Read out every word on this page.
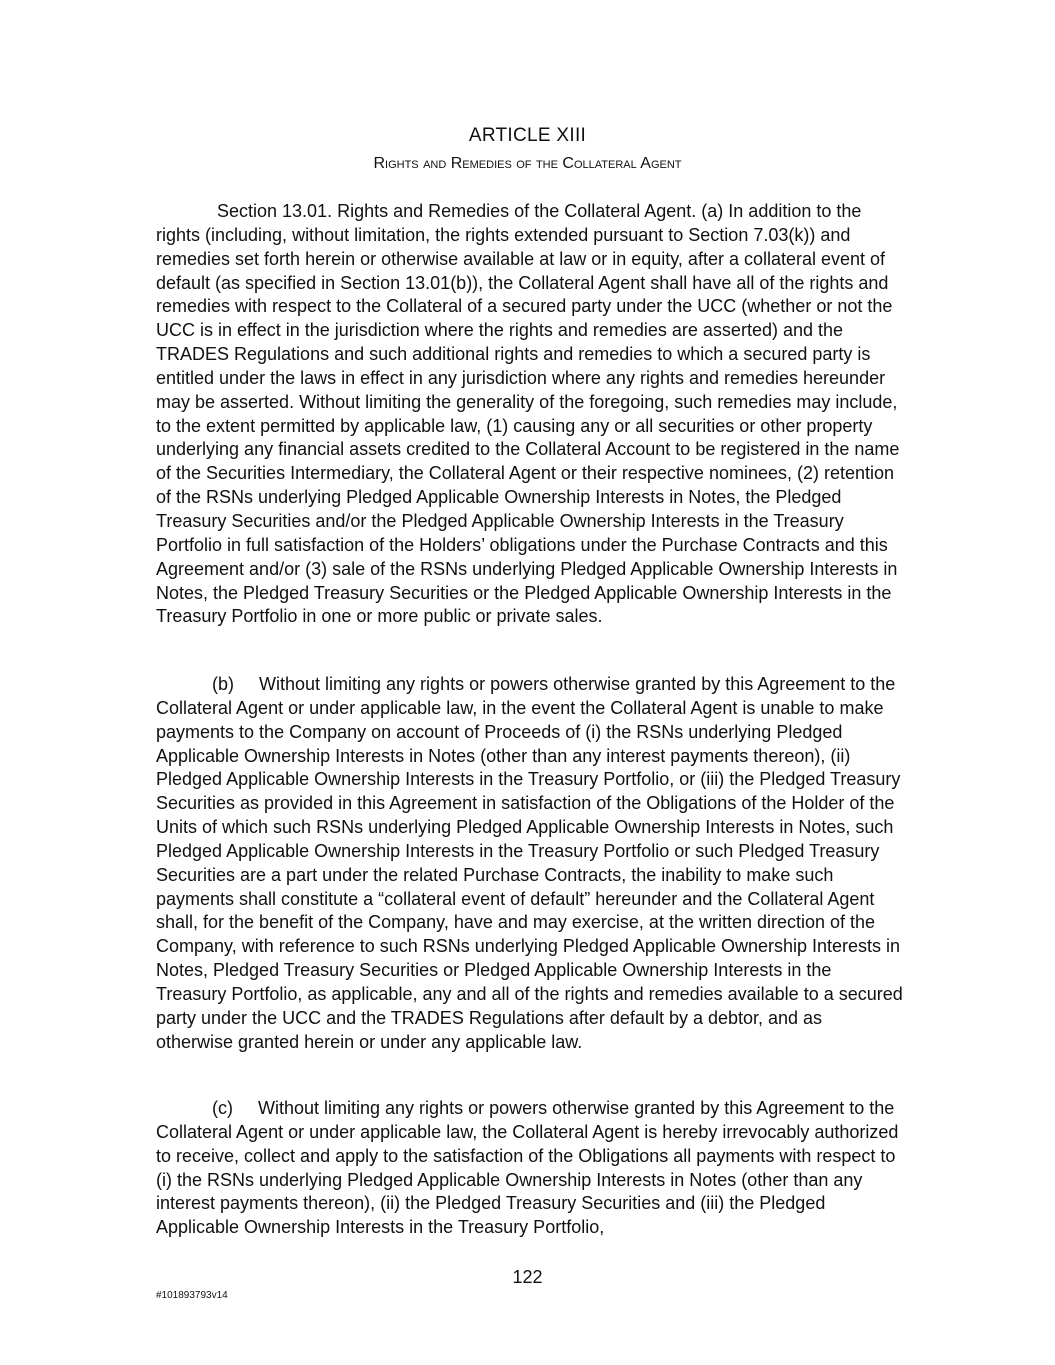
ARTICLE XIII
Rights and Remedies of the Collateral Agent

Section 13.01. Rights and Remedies of the Collateral Agent. (a) In addition to the rights (including, without limitation, the rights extended pursuant to Section 7.03(k)) and remedies set forth herein or otherwise available at law or in equity, after a collateral event of default (as specified in Section 13.01(b)), the Collateral Agent shall have all of the rights and remedies with respect to the Collateral of a secured party under the UCC (whether or not the UCC is in effect in the jurisdiction where the rights and remedies are asserted) and the TRADES Regulations and such additional rights and remedies to which a secured party is entitled under the laws in effect in any jurisdiction where any rights and remedies hereunder may be asserted. Without limiting the generality of the foregoing, such remedies may include, to the extent permitted by applicable law, (1) causing any or all securities or other property underlying any financial assets credited to the Collateral Account to be registered in the name of the Securities Intermediary, the Collateral Agent or their respective nominees, (2) retention of the RSNs underlying Pledged Applicable Ownership Interests in Notes, the Pledged Treasury Securities and/or the Pledged Applicable Ownership Interests in the Treasury Portfolio in full satisfaction of the Holders’ obligations under the Purchase Contracts and this Agreement and/or (3) sale of the RSNs underlying Pledged Applicable Ownership Interests in Notes, the Pledged Treasury Securities or the Pledged Applicable Ownership Interests in the Treasury Portfolio in one or more public or private sales.

(b) Without limiting any rights or powers otherwise granted by this Agreement to the Collateral Agent or under applicable law, in the event the Collateral Agent is unable to make payments to the Company on account of Proceeds of (i) the RSNs underlying Pledged Applicable Ownership Interests in Notes (other than any interest payments thereon), (ii) Pledged Applicable Ownership Interests in the Treasury Portfolio, or (iii) the Pledged Treasury Securities as provided in this Agreement in satisfaction of the Obligations of the Holder of the Units of which such RSNs underlying Pledged Applicable Ownership Interests in Notes, such Pledged Applicable Ownership Interests in the Treasury Portfolio or such Pledged Treasury Securities are a part under the related Purchase Contracts, the inability to make such payments shall constitute a “collateral event of default” hereunder and the Collateral Agent shall, for the benefit of the Company, have and may exercise, at the written direction of the Company, with reference to such RSNs underlying Pledged Applicable Ownership Interests in Notes, Pledged Treasury Securities or Pledged Applicable Ownership Interests in the Treasury Portfolio, as applicable, any and all of the rights and remedies available to a secured party under the UCC and the TRADES Regulations after default by a debtor, and as otherwise granted herein or under any applicable law.

(c) Without limiting any rights or powers otherwise granted by this Agreement to the Collateral Agent or under applicable law, the Collateral Agent is hereby irrevocably authorized to receive, collect and apply to the satisfaction of the Obligations all payments with respect to (i) the RSNs underlying Pledged Applicable Ownership Interests in Notes (other than any interest payments thereon), (ii) the Pledged Treasury Securities and (iii) the Pledged Applicable Ownership Interests in the Treasury Portfolio,

122
#101893793v14
